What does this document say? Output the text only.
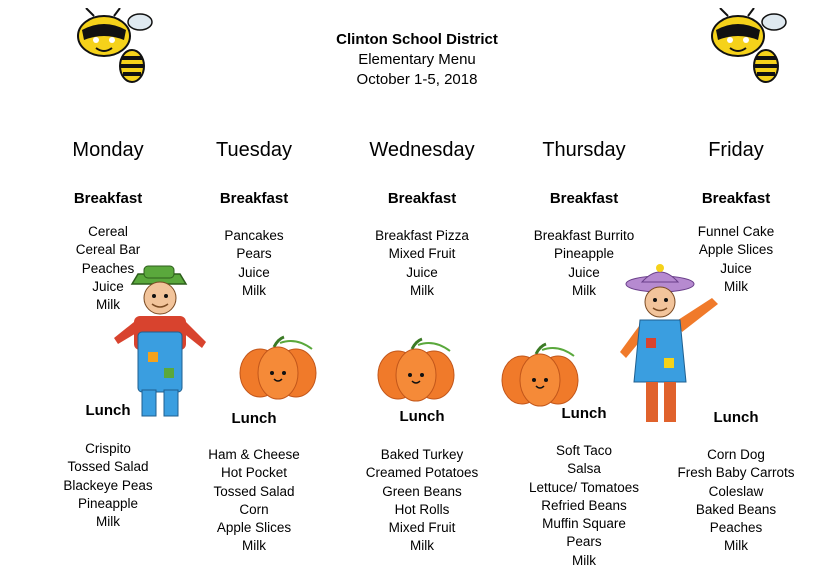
Clinton School District
Elementary Menu
October 1-5, 2018
Monday
Breakfast
Cereal
Cereal Bar
Peaches
Juice
Milk
Lunch
Crispito
Tossed Salad
Blackeye Peas
Pineapple
Milk
Tuesday
Breakfast
Pancakes
Pears
Juice
Milk
Lunch
Ham & Cheese
Hot Pocket
Tossed Salad
Corn
Apple Slices
Milk
Wednesday
Breakfast
Breakfast Pizza
Mixed Fruit
Juice
Milk
Lunch
Baked Turkey
Creamed Potatoes
Green Beans
Hot Rolls
Mixed Fruit
Milk
Thursday
Breakfast
Breakfast Burrito
Pineapple
Juice
Milk
Lunch
Soft Taco
Salsa
Lettuce/ Tomatoes
Refried Beans
Muffin Square
Pears
Milk
Friday
Breakfast
Funnel Cake
Apple Slices
Juice
Milk
Lunch
Corn Dog
Fresh Baby Carrots
Coleslaw
Baked Beans
Peaches
Milk
